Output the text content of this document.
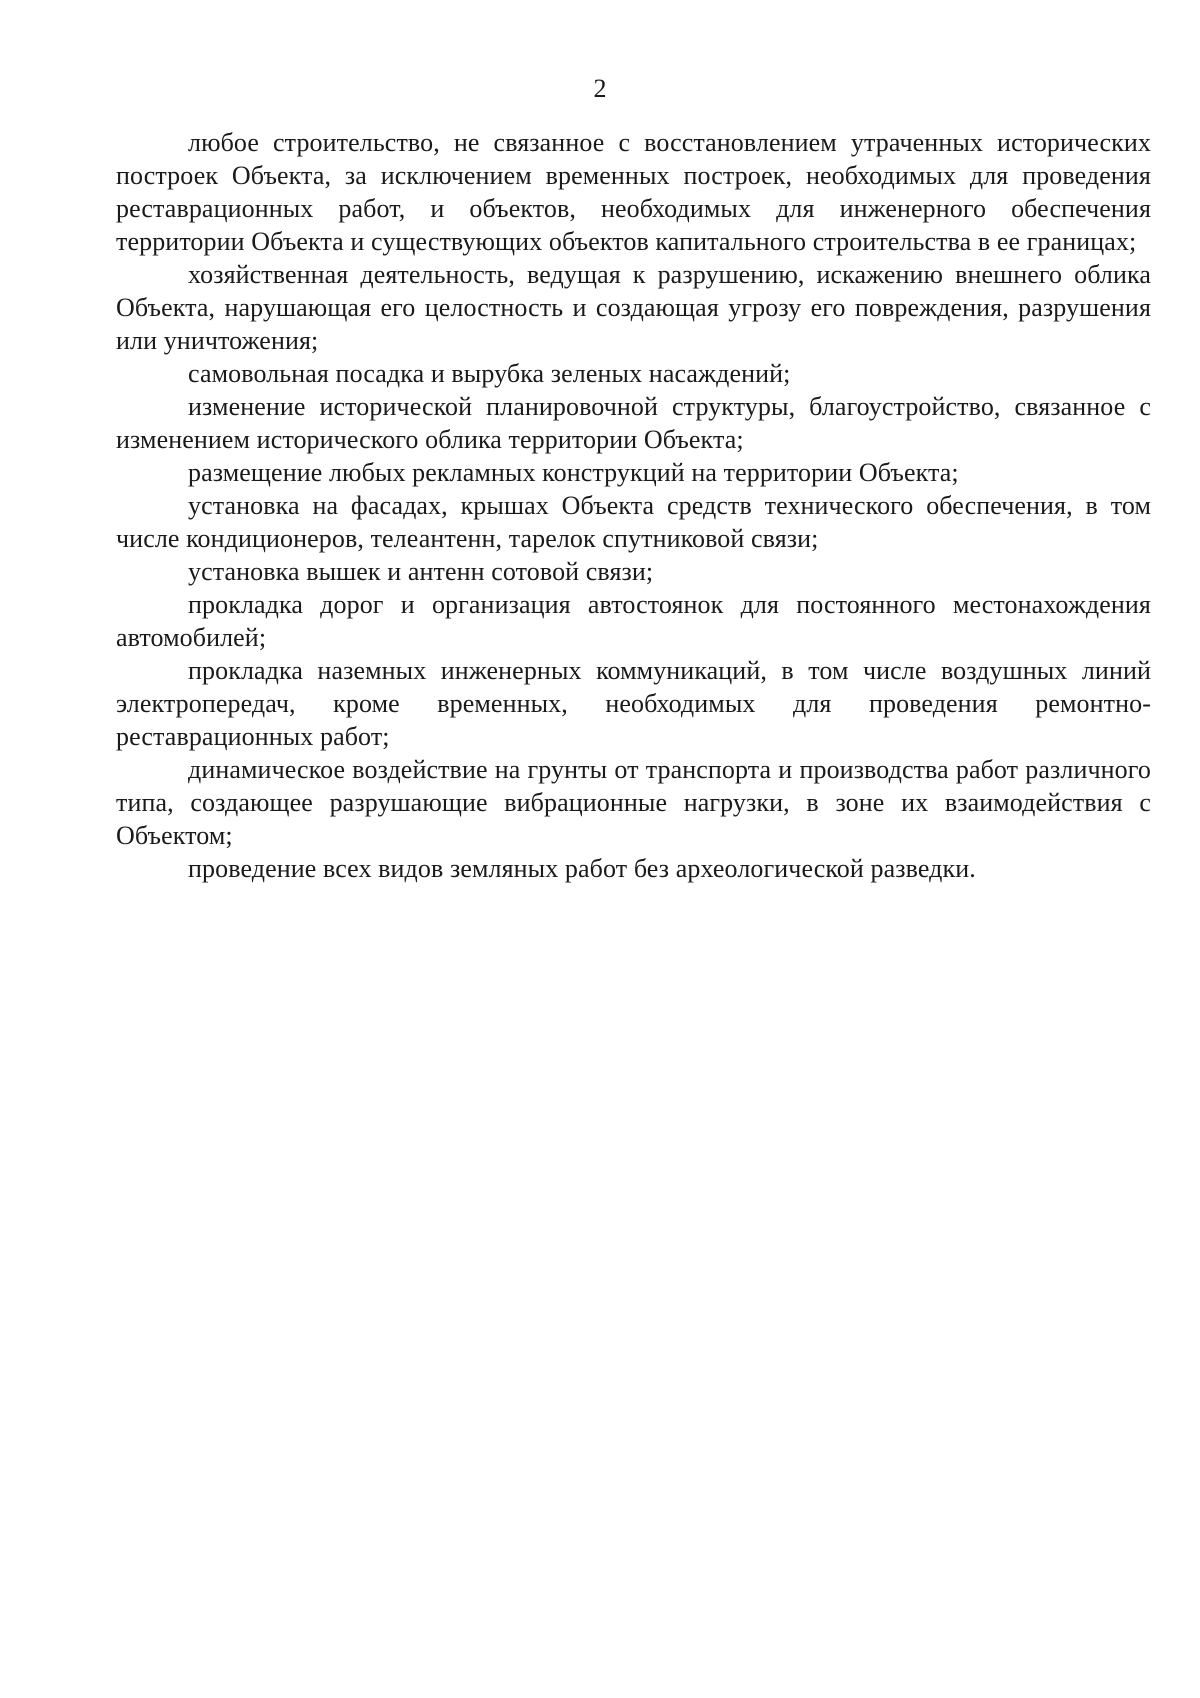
2

любое строительство, не связанное с восстановлением утраченных исторических построек Объекта, за исключением временных построек, необходимых для проведения реставрационных работ, и объектов, необходимых для инженерного обеспечения территории Объекта и существующих объектов капитального строительства в ее границах;

хозяйственная деятельность, ведущая к разрушению, искажению внешнего облика Объекта, нарушающая его целостность и создающая угрозу его повреждения, разрушения или уничтожения;

самовольная посадка и вырубка зеленых насаждений;

изменение исторической планировочной структуры, благоустройство, связанное с изменением исторического облика территории Объекта;

размещение любых рекламных конструкций на территории Объекта;

установка на фасадах, крышах Объекта средств технического обеспечения, в том числе кондиционеров, телеантенн, тарелок спутниковой связи;

установка вышек и антенн сотовой связи;

прокладка дорог и организация автостоянок для постоянного местонахождения автомобилей;

прокладка наземных инженерных коммуникаций, в том числе воздушных линий электропередач, кроме временных, необходимых для проведения ремонтно-реставрационных работ;

динамическое воздействие на грунты от транспорта и производства работ различного типа, создающее разрушающие вибрационные нагрузки, в зоне их взаимодействия с Объектом;

проведение всех видов земляных работ без археологической разведки.
